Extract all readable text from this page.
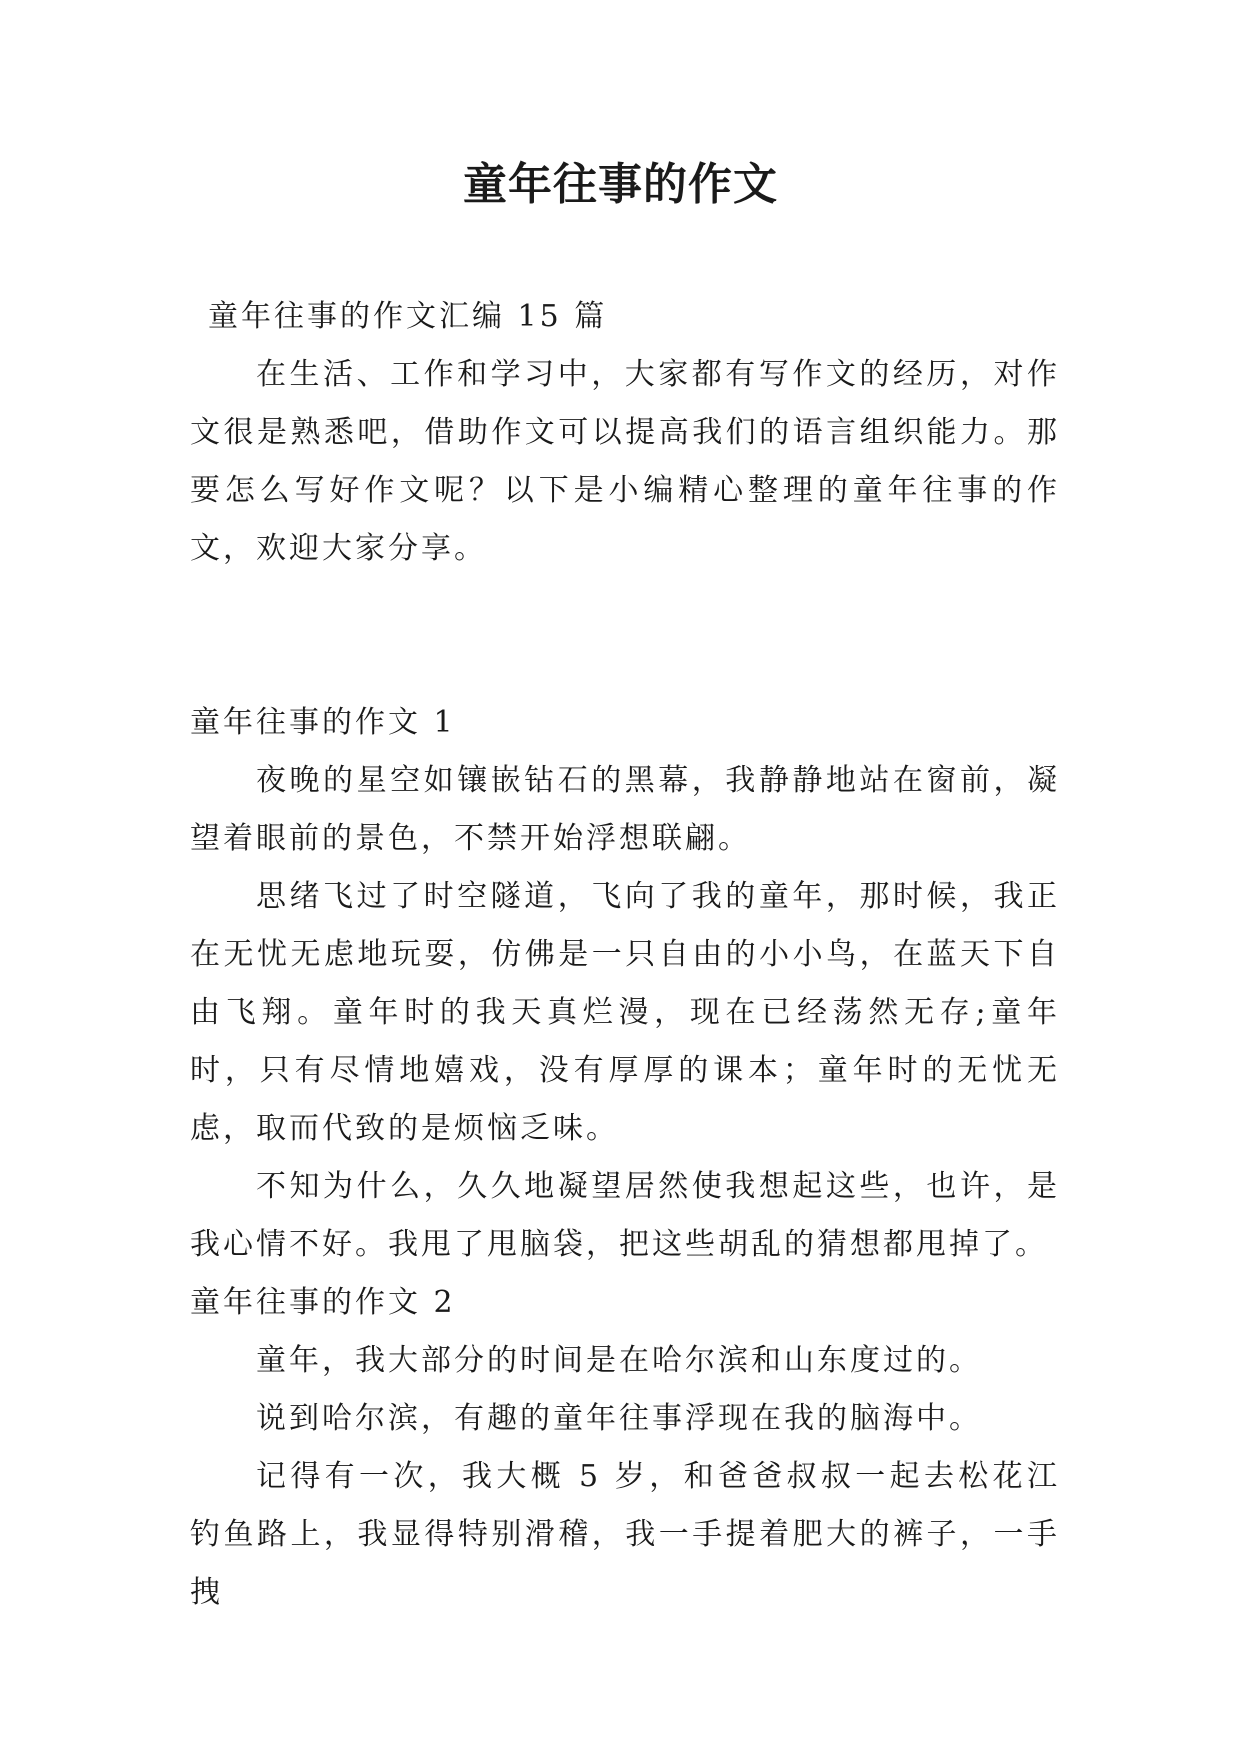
童年往事的作文

童年往事的作文汇编 15 篇

在生活、工作和学习中，大家都有写作文的经历，对作文很是熟悉吧，借助作文可以提高我们的语言组织能力。那要怎么写好作文呢？以下是小编精心整理的童年往事的作文，欢迎大家分享。

童年往事的作文 1

夜晚的星空如镶嵌钻石的黑幕，我静静地站在窗前，凝望着眼前的景色，不禁开始浮想联翩。

思绪飞过了时空隧道，飞向了我的童年，那时候，我正在无忧无虑地玩耍，仿佛是一只自由的小小鸟，在蓝天下自由飞翔。童年时的我天真烂漫，现在已经荡然无存;童年时，只有尽情地嬉戏，没有厚厚的课本；童年时的无忧无虑，取而代致的是烦恼乏味。

不知为什么，久久地凝望居然使我想起这些，也许，是我心情不好。我甩了甩脑袋，把这些胡乱的猜想都甩掉了。

童年往事的作文 2

童年，我大部分的时间是在哈尔滨和山东度过的。

说到哈尔滨，有趣的童年往事浮现在我的脑海中。

记得有一次，我大概 5 岁，和爸爸叔叔一起去松花江钓鱼路上，我显得特别滑稽，我一手提着肥大的裤子，一手拽
